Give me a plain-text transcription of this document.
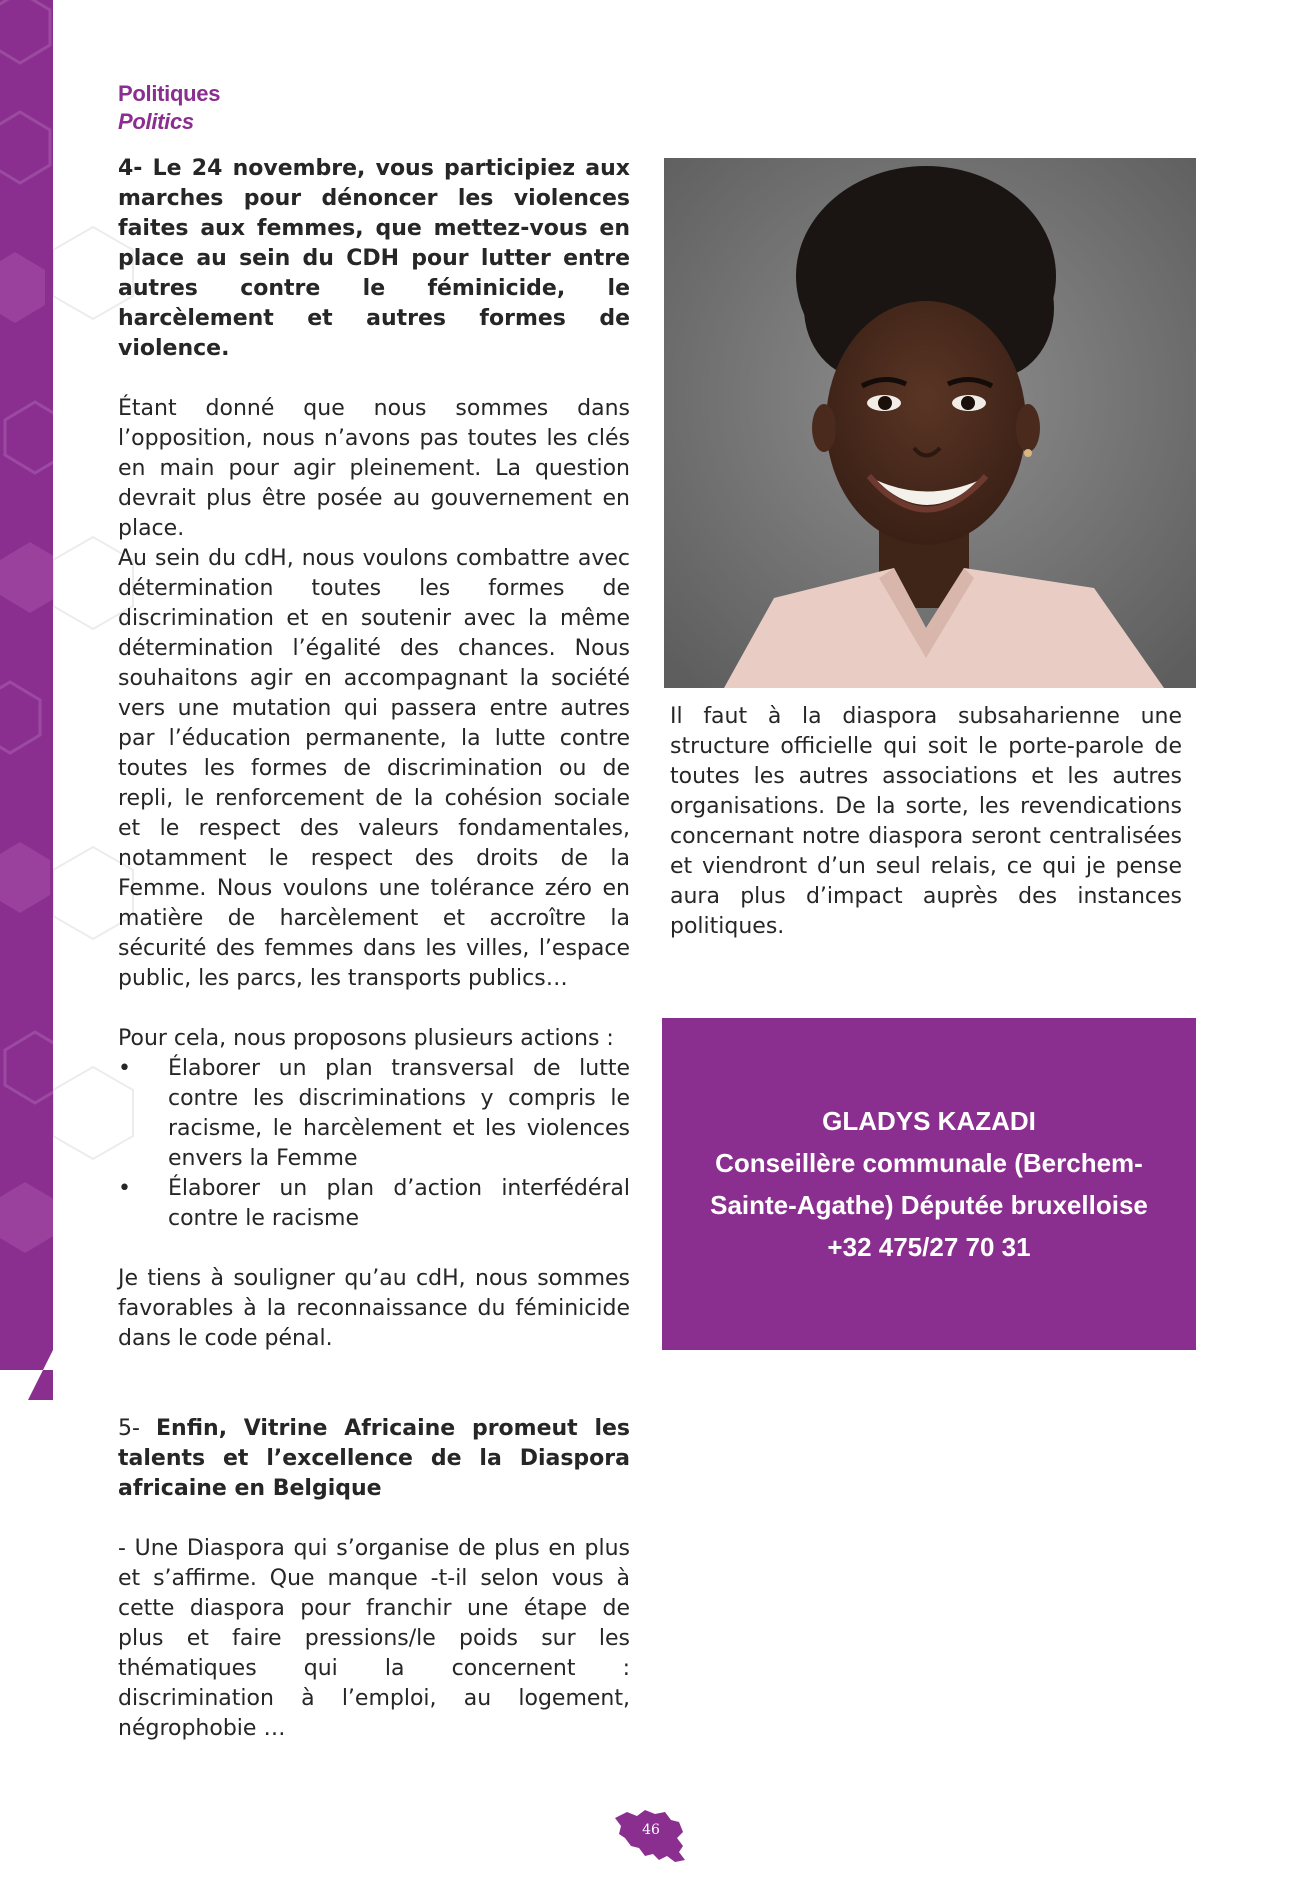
Politiques
Politics

4- Le 24 novembre, vous participiez aux marches pour dénoncer les violences faites aux femmes, que mettez-vous en place au sein du CDH pour lutter entre autres contre le féminicide, le harcèlement et autres formes de violence.

Étant donné que nous sommes dans l’opposition, nous n’avons pas toutes les clés en main pour agir pleinement. La question devrait plus être posée au gouvernement en place.

Au sein du cdH, nous voulons combattre avec détermination toutes les formes de discrimination et en soutenir avec la même détermination l’égalité des chances. Nous souhaitons agir en accompagnant la société vers une mutation qui passera entre autres par l’éducation permanente, la lutte contre toutes les formes de discrimination ou de repli, le renforcement de la cohésion sociale et le respect des valeurs fondamentales, notamment le respect des droits de la Femme. Nous voulons une tolérance zéro en matière de harcèlement et accroître la sécurité des femmes dans les villes, l’espace public, les parcs, les transports publics…

Pour cela, nous proposons plusieurs actions :

• Élaborer un plan transversal de lutte contre les discriminations y compris le racisme, le harcèlement et les violences envers la Femme
• Élaborer un plan d’action interfédéral contre le racisme

Je tiens à souligner qu’au cdH, nous sommes favorables à la reconnaissance du féminicide dans le code pénal.

5- Enfin, Vitrine Africaine promeut les talents et l’excellence de la Diaspora africaine en Belgique

- Une Diaspora qui s’organise de plus en plus et s’affirme. Que manque -t-il selon vous à cette diaspora pour franchir une étape de plus et faire pressions/le poids sur les thématiques qui la concernent : discrimination à l’emploi, au logement, négrophobie …

Il faut à la diaspora subsaharienne une structure officielle qui soit le porte-parole de toutes les autres associations et les autres organisations. De la sorte, les revendications concernant notre diaspora seront centralisées et viendront d’un seul relais, ce qui je pense aura plus d’impact auprès des instances politiques.

GLADYS KAZADI
Conseillère communale (Berchem-Sainte-Agathe) Députée bruxelloise
+32 475/27 70 31
46
